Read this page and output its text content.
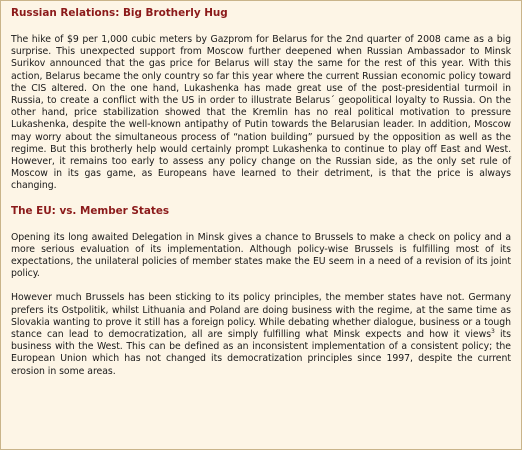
Russian Relations: Big Brotherly Hug

The hike of $9 per 1,000 cubic meters by Gazprom for Belarus for the 2nd quarter of 2008 came as a big surprise. This unexpected support from Moscow further deepened when Russian Ambassador to Minsk Surikov announced that the gas price for Belarus will stay the same for the rest of this year. With this action, Belarus became the only country so far this year where the current Russian economic policy toward the CIS altered. On the one hand, Lukashenka has made great use of the post-presidential turmoil in Russia, to create a conflict with the US in order to illustrate Belarus´ geopolitical loyalty to Russia. On the other hand, price stabilization showed that the Kremlin has no real political motivation to pressure Lukashenka, despite the well-known antipathy of Putin towards the Belarusian leader. In addition, Moscow may worry about the simultaneous process of “nation building” pursued by the opposition as well as the regime. But this brotherly help would certainly prompt Lukashenka to continue to play off East and West. However, it remains too early to assess any policy change on the Russian side, as the only set rule of Moscow in its gas game, as Europeans have learned to their detriment, is that the price is always changing.

The EU: vs. Member States

Opening its long awaited Delegation in Minsk gives a chance to Brussels to make a check on policy and a more serious evaluation of its implementation. Although policy-wise Brussels is fulfilling most of its expectations, the unilateral policies of member states make the EU seem in a need of a revision of its joint policy.

However much Brussels has been sticking to its policy principles, the member states have not. Germany prefers its Ostpolitik, whilst Lithuania and Poland are doing business with the regime, at the same time as Slovakia wanting to prove it still has a foreign policy. While debating whether dialogue, business or a tough stance can lead to democratization, all are simply fulfilling what Minsk expects and how it views$^3$ its business with the West. This can be defined as an inconsistent implementation of a consistent policy; the European Union which has not changed its democratization principles since 1997, despite the current erosion in some areas.
